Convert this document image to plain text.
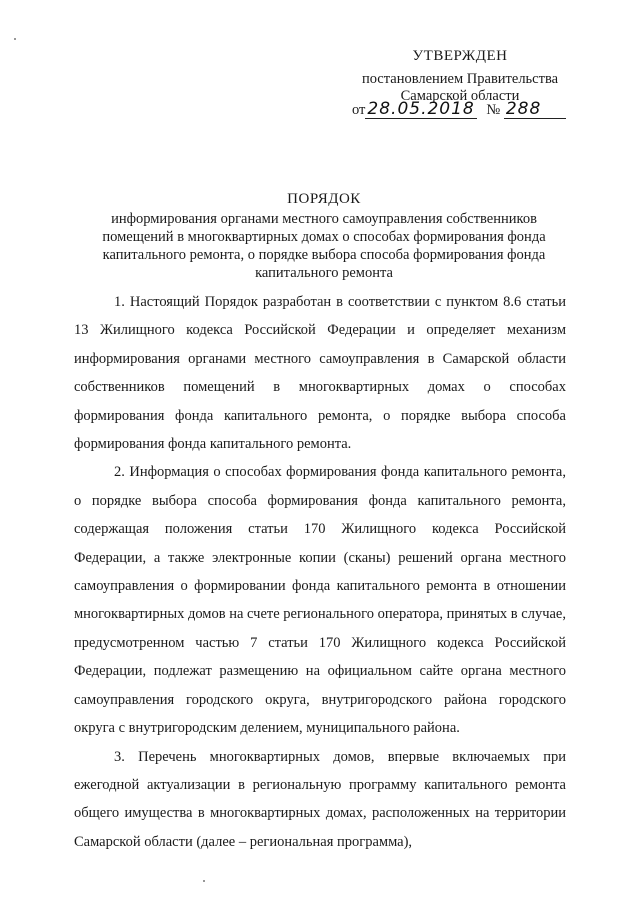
УТВЕРЖДЕН
постановлением Правительства
Самарской области
от 28.05.2018 № 288
ПОРЯДОК
информирования органами местного самоуправления собственников помещений в многоквартирных домах о способах формирования фонда капитального ремонта, о порядке выбора способа формирования фонда капитального ремонта

1. Настоящий Порядок разработан в соответствии с пунктом 8.6 статьи 13 Жилищного кодекса Российской Федерации и определяет механизм информирования органами местного самоуправления в Самарской области собственников помещений в многоквартирных домах о способах формирования фонда капитального ремонта, о порядке выбора способа формирования фонда капитального ремонта.

2. Информация о способах формирования фонда капитального ремонта, о порядке выбора способа формирования фонда капитального ремонта, содержащая положения статьи 170 Жилищного кодекса Российской Федерации, а также электронные копии (сканы) решений органа местного самоуправления о формировании фонда капитального ремонта в отношении многоквартирных домов на счете регионального оператора, принятых в случае, предусмотренном частью 7 статьи 170 Жилищного кодекса Российской Федерации, подлежат размещению на официальном сайте органа местного самоуправления городского округа, внутригородского района городского округа с внутригородским делением, муниципального района.

3. Перечень многоквартирных домов, впервые включаемых при ежегодной актуализации в региональную программу капитального ремонта общего имущества в многоквартирных домах, расположенных на территории Самарской области (далее – региональная программа),
